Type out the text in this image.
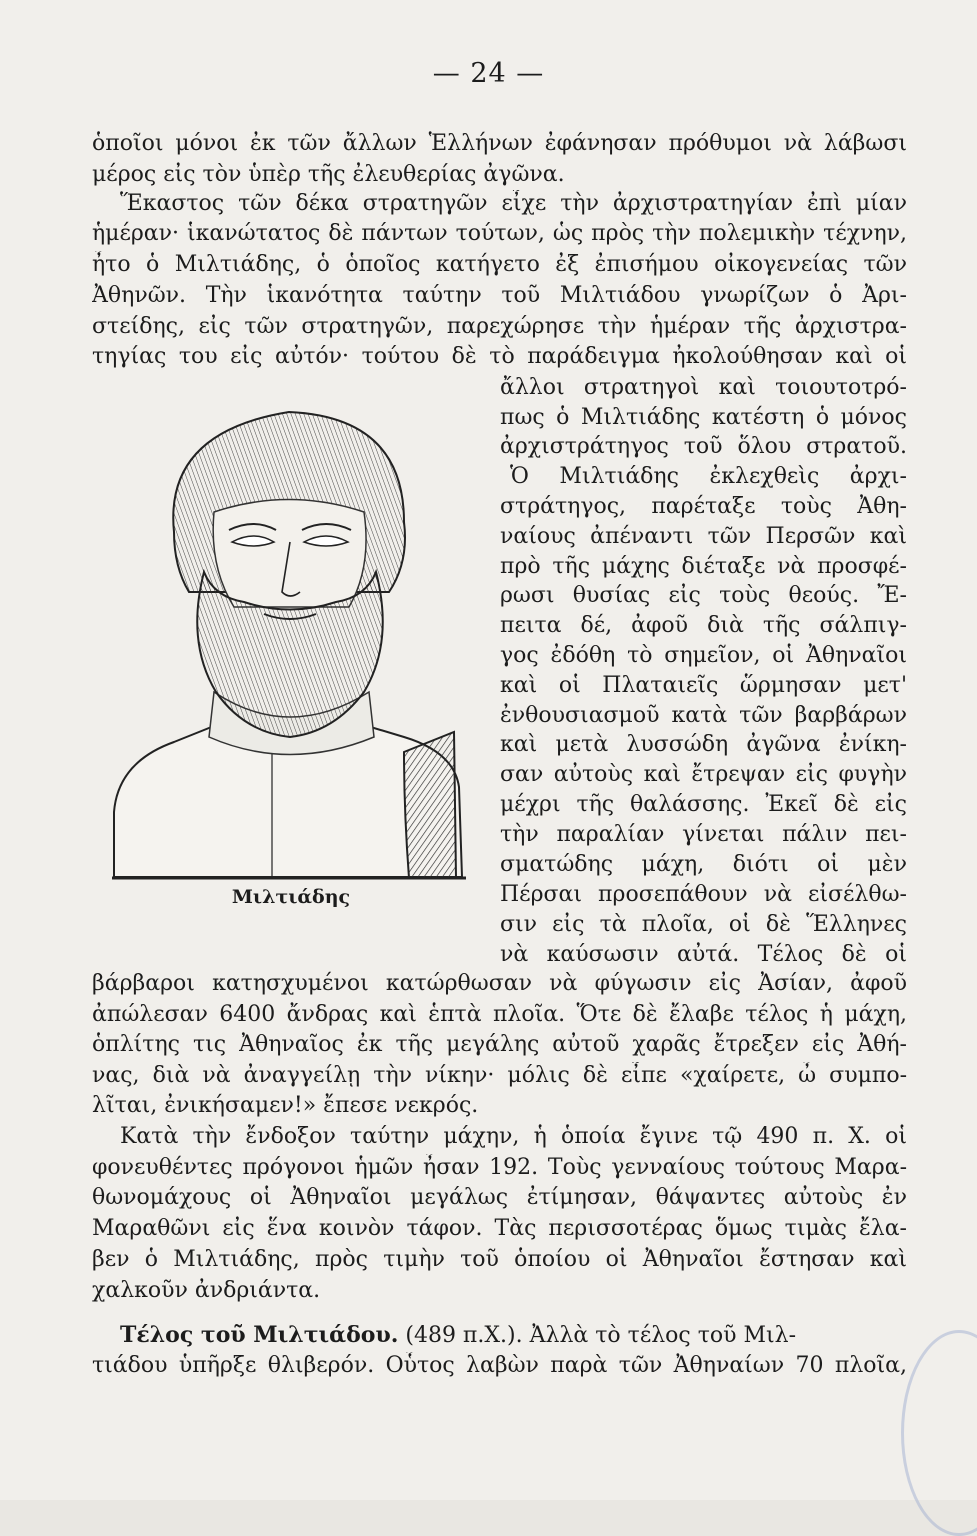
— 24 —
ὁποῖοι μόνοι ἐκ τῶν ἄλλων Ἑλλήνων ἐφάνησαν πρόθυμοι νὰ λάβωσι
μέρος εἰς τὸν ὑπὲρ τῆς ἐλευθερίας ἀγῶνα.
Ἕκαστος τῶν δέκα στρατηγῶν εἶχε τὴν ἀρχιστρατηγίαν ἐπὶ μίαν
ἡμέραν· ἱκανώτατος δὲ πάντων τούτων, ὡς πρὸς τὴν πολεμικὴν τέχνην,
ἦτο ὁ Μιλτιάδης, ὁ ὁποῖος κατήγετο ἐξ ἐπισήμου οἰκογενείας τῶν
Ἀθηνῶν. Τὴν ἱκανότητα ταύτην τοῦ Μιλτιάδου γνωρίζων ὁ Ἀρι-
στείδης, εἰς τῶν στρατηγῶν, παρεχώρησε τὴν ἡμέραν τῆς ἀρχιστρα-
τηγίας του εἰς αὐτόν· τούτου δὲ τὸ παράδειγμα ἠκολούθησαν καὶ οἱ
ἄλλοι στρατηγοὶ καὶ τοιουτοτρό-
πως ὁ Μιλτιάδης κατέστη ὁ μόνος
ἀρχιστράτηγος τοῦ ὅλου στρατοῦ.
Ὁ Μιλτιάδης ἐκλεχθεὶς ἀρχι-
στράτηγος, παρέταξε τοὺς Ἀθη-
ναίους ἀπέναντι τῶν Περσῶν καὶ
πρὸ τῆς μάχης διέταξε νὰ προσφέ-
ρωσι θυσίας εἰς τοὺς θεούς. Ἔ-
πειτα δέ, ἀφοῦ διὰ τῆς σάλπιγ-
γος ἐδόθη τὸ σημεῖον, οἱ Ἀθηναῖοι
καὶ οἱ Πλαταιεῖς ὥρμησαν μετ'
ἐνθουσιασμοῦ κατὰ τῶν βαρβάρων
καὶ μετὰ λυσσώδη ἀγῶνα ἐνίκη-
σαν αὐτοὺς καὶ ἔτρεψαν εἰς φυγὴν
μέχρι τῆς θαλάσσης. Ἐκεῖ δὲ εἰς
τὴν παραλίαν γίνεται πάλιν πει-
σματώδης μάχη, διότι οἱ μὲν
Πέρσαι προσεπάθουν νὰ εἰσέλθω-
σιν εἰς τὰ πλοῖα, οἱ δὲ Ἕλληνες
νὰ καύσωσιν αὐτά. Τέλος δὲ οἱ
Μιλτιάδης
βάρβαροι κατησχυμένοι κατώρθωσαν νὰ φύγωσιν εἰς Ἀσίαν, ἀφοῦ
ἀπώλεσαν 6400 ἄνδρας καὶ ἑπτὰ πλοῖα. Ὅτε δὲ ἔλαβε τέλος ἡ μάχη,
ὁπλίτης τις Ἀθηναῖος ἐκ τῆς μεγάλης αὐτοῦ χαρᾶς ἔτρεξεν εἰς Ἀθή-
νας, διὰ νὰ ἀναγγείλῃ τὴν νίκην· μόλις δὲ εἶπε «χαίρετε, ὦ συμπο-
λῖται, ἐνικήσαμεν!» ἔπεσε νεκρός.
Κατὰ τὴν ἔνδοξον ταύτην μάχην, ἡ ὁποία ἔγινε τῷ 490 π. Χ. οἱ
φονευθέντες πρόγονοι ἡμῶν ἦσαν 192. Τοὺς γενναίους τούτους Μαρα-
θωνομάχους οἱ Ἀθηναῖοι μεγάλως ἐτίμησαν, θάψαντες αὐτοὺς ἐν
Μαραθῶνι εἰς ἕνα κοινὸν τάφον. Τὰς περισσοτέρας ὅμως τιμὰς ἔλα-
βεν ὁ Μιλτιάδης, πρὸς τιμὴν τοῦ ὁποίου οἱ Ἀθηναῖοι ἔστησαν καὶ
χαλκοῦν ἀνδριάντα.
Τέλος τοῦ Μιλτιάδου. (489 π.Χ.). Ἀλλὰ τὸ τέλος τοῦ Μιλ-
τιάδου ὑπῆρξε θλιβερόν. Οὗτος λαβὼν παρὰ τῶν Ἀθηναίων 70 πλοῖα,
